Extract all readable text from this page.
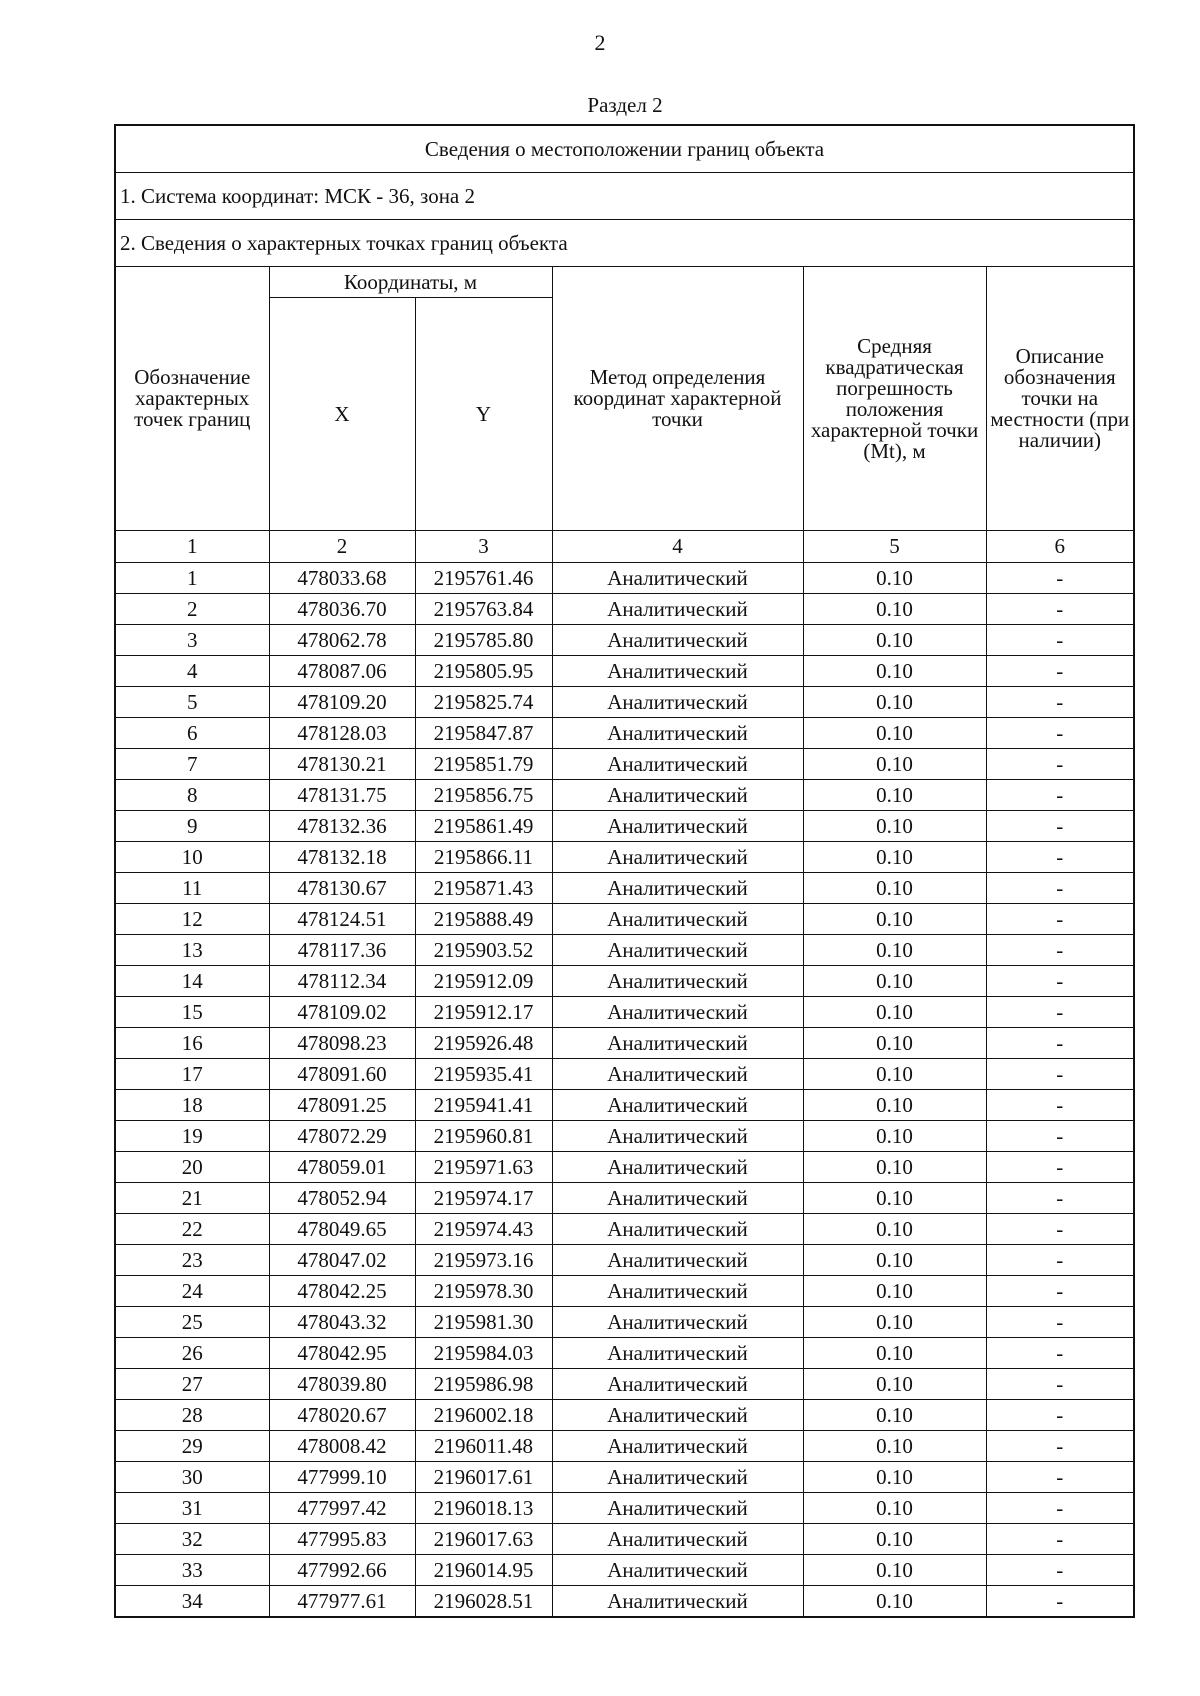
2
Раздел 2
Сведения о местоположении границ объекта					
1. Система координат: МСК - 36, зона 2					
2. Сведения о характерных точках границ объекта					
Обозначение характерных точек границ	Координаты, м		Метод определения координат характерной точки	Средняя квадратическая погрешность положения характерной точки (Mt), м	Описание обозначения точки на местности (при наличии)
	X	Y			
1	2	3	4	5	6
1	478033.68	2195761.46	Аналитический	0.10	-
2	478036.70	2195763.84	Аналитический	0.10	-
3	478062.78	2195785.80	Аналитический	0.10	-
4	478087.06	2195805.95	Аналитический	0.10	-
5	478109.20	2195825.74	Аналитический	0.10	-
6	478128.03	2195847.87	Аналитический	0.10	-
7	478130.21	2195851.79	Аналитический	0.10	-
8	478131.75	2195856.75	Аналитический	0.10	-
9	478132.36	2195861.49	Аналитический	0.10	-
10	478132.18	2195866.11	Аналитический	0.10	-
11	478130.67	2195871.43	Аналитический	0.10	-
12	478124.51	2195888.49	Аналитический	0.10	-
13	478117.36	2195903.52	Аналитический	0.10	-
14	478112.34	2195912.09	Аналитический	0.10	-
15	478109.02	2195912.17	Аналитический	0.10	-
16	478098.23	2195926.48	Аналитический	0.10	-
17	478091.60	2195935.41	Аналитический	0.10	-
18	478091.25	2195941.41	Аналитический	0.10	-
19	478072.29	2195960.81	Аналитический	0.10	-
20	478059.01	2195971.63	Аналитический	0.10	-
21	478052.94	2195974.17	Аналитический	0.10	-
22	478049.65	2195974.43	Аналитический	0.10	-
23	478047.02	2195973.16	Аналитический	0.10	-
24	478042.25	2195978.30	Аналитический	0.10	-
25	478043.32	2195981.30	Аналитический	0.10	-
26	478042.95	2195984.03	Аналитический	0.10	-
27	478039.80	2195986.98	Аналитический	0.10	-
28	478020.67	2196002.18	Аналитический	0.10	-
29	478008.42	2196011.48	Аналитический	0.10	-
30	477999.10	2196017.61	Аналитический	0.10	-
31	477997.42	2196018.13	Аналитический	0.10	-
32	477995.83	2196017.63	Аналитический	0.10	-
33	477992.66	2196014.95	Аналитический	0.10	-
34	477977.61	2196028.51	Аналитический	0.10	-
